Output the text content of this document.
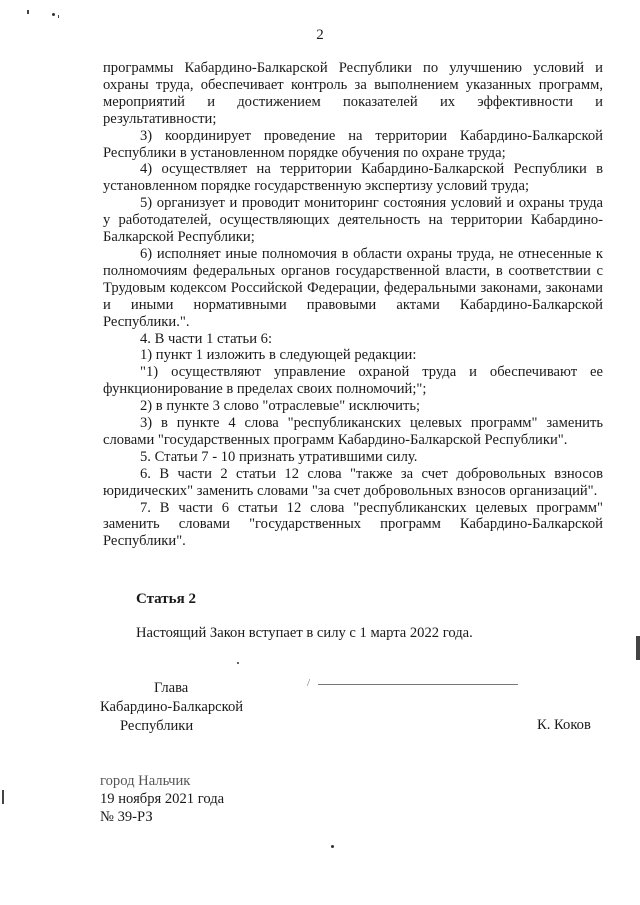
2

программы Кабардино-Балкарской Республики по улучшению условий и охраны труда, обеспечивает контроль за выполнением указанных программ, мероприятий и достижением показателей их эффективности и результативности;

3) координирует проведение на территории Кабардино-Балкарской Республики в установленном порядке обучения по охране труда;

4) осуществляет на территории Кабардино-Балкарской Республики в установленном порядке государственную экспертизу условий труда;

5) организует и проводит мониторинг состояния условий и охраны труда у работодателей, осуществляющих деятельность на территории Кабардино-Балкарской Республики;

6) исполняет иные полномочия в области охраны труда, не отнесенные к полномочиям федеральных органов государственной власти, в соответствии с Трудовым кодексом Российской Федерации, федеральными законами, законами и иными нормативными правовыми актами Кабардино-Балкарской Республики.".

4. В части 1 статьи 6:

1) пункт 1 изложить в следующей редакции:

"1) осуществляют управление охраной труда и обеспечивают ее функционирование в пределах своих полномочий;";

2) в пункте 3 слово "отраслевые" исключить;

3) в пункте 4 слова "республиканских целевых программ" заменить словами "государственных программ Кабардино-Балкарской Республики".

5. Статьи 7 - 10 признать утратившими силу.

6. В части 2 статьи 12 слова "также за счет добровольных взносов юридических" заменить словами "за счет добровольных взносов организаций".

7. В части 6 статьи 12 слова "республиканских целевых программ" заменить словами "государственных программ Кабардино-Балкарской Республики".

Статья 2
Настоящий Закон вступает в силу с 1 марта 2022 года.
Глава
Кабардино-Балкарской
Республики
/
К. Коков
город Нальчик
19 ноября 2021 года
№ 39-РЗ
